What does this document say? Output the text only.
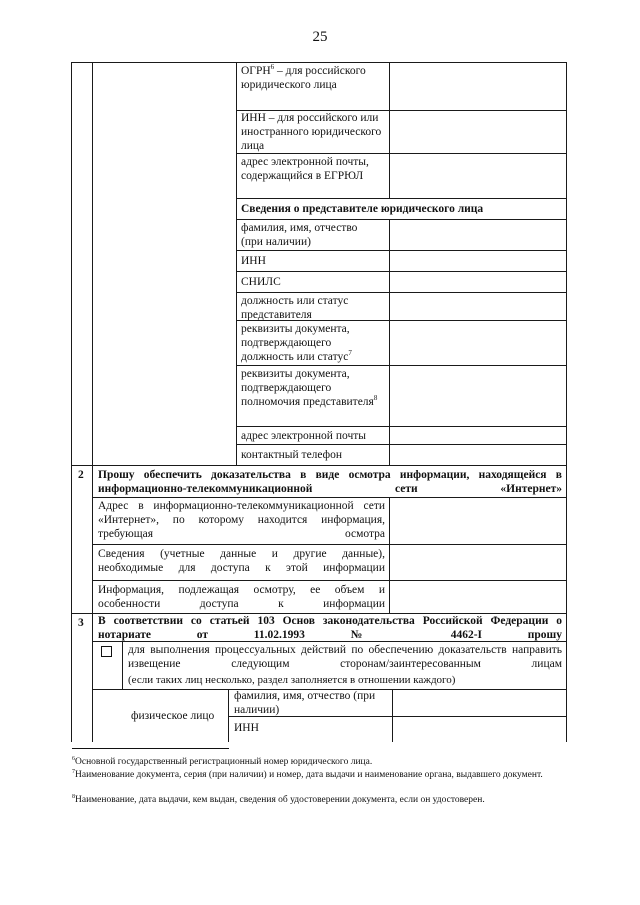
25
ОГРН$^6$ – для российского юридического лица
ИНН – для российского или иностранного юридического лица
адрес электронной почты, содержащийся в ЕГРЮЛ
Сведения о представителе юридического лица
фамилия, имя, отчество (при наличии)
ИНН
СНИЛС
должность или статус представителя
реквизиты документа, подтверждающего должность или статус$^7$
реквизиты документа, подтверждающего полномочия представителя$^8$
адрес электронной почты
контактный телефон
2 Прошу обеспечить доказательства в виде осмотра информации, находящейся в информационно-телекоммуникационной сети «Интернет»
Адрес в информационно-телекоммуникационной сети «Интернет», по которому находится информация, требующая осмотра
Сведения (учетные данные и другие данные), необходимые для доступа к этой информации
Информация, подлежащая осмотру, ее объем и особенности доступа к информации
3 В соответствии со статьей 103 Основ законодательства Российской Федерации о нотариате от 11.02.1993 № 4462-I прошу
для выполнения процессуальных действий по обеспечению доказательств направить извещение следующим сторонам/заинтересованным лицам
(если таких лиц несколько, раздел заполняется в отношении каждого)
физическое лицо
фамилия, имя, отчество (при наличии)
ИНН
$^6$Основной государственный регистрационный номер юридического лица.
$^7$Наименование документа, серия (при наличии) и номер, дата выдачи и наименование органа, выдавшего документ.
$^8$Наименование, дата выдачи, кем выдан, сведения об удостоверении документа, если он удостоверен.
